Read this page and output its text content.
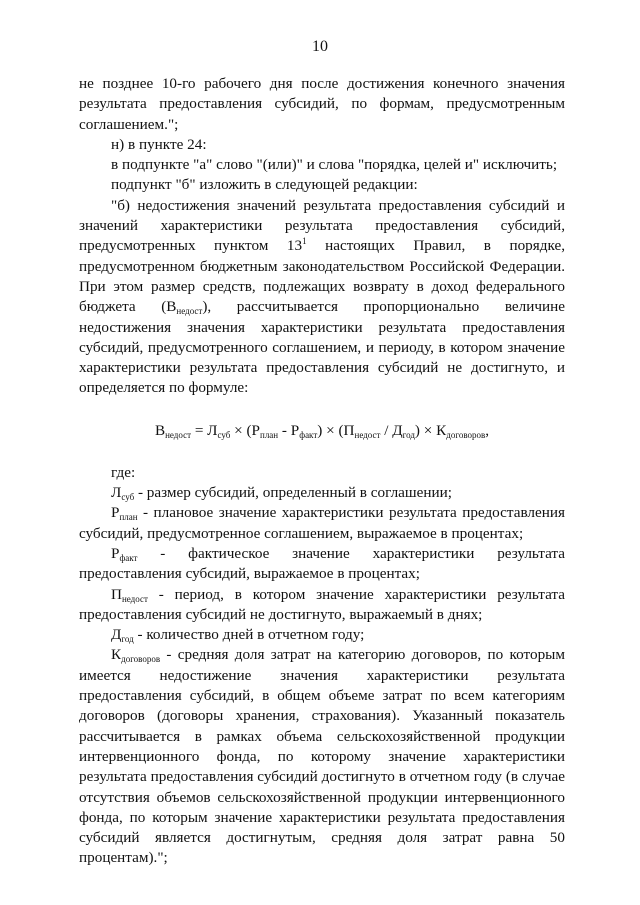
10

не позднее 10-го рабочего дня после достижения конечного значения результата предоставления субсидий, по формам, предусмотренным соглашением.";

н) в пункте 24:

в подпункте "а" слово "(или)" и слова "порядка, целей и" исключить;

подпункт "б" изложить в следующей редакции:

"б) недостижения значений результата предоставления субсидий и значений характеристики результата предоставления субсидий, предусмотренных пунктом $13^1$ настоящих Правил, в порядке, предусмотренном бюджетным законодательством Российской Федерации. При этом размер средств, подлежащих возврату в доход федерального бюджета $(В_{недост})$, рассчитывается пропорционально величине недостижения значения характеристики результата предоставления субсидий, предусмотренного соглашением, и периоду, в котором значение характеристики результата предоставления субсидий не достигнуто, и определяется по формуле:

$В_{недост} = Л_{суб} \times (Р_{план} - Р_{факт}) \times (П_{недост} / Д_{год}) \times К_{договоров}$,

где:

$Л_{суб}$ - размер субсидий, определенный в соглашении;

$Р_{план}$ - плановое значение характеристики результата предоставления субсидий, предусмотренное соглашением, выражаемое в процентах;

$Р_{факт}$ - фактическое значение характеристики результата предоставления субсидий, выражаемое в процентах;

$П_{недост}$ - период, в котором значение характеристики результата предоставления субсидий не достигнуто, выражаемый в днях;

$Д_{год}$ - количество дней в отчетном году;

$К_{договоров}$ - средняя доля затрат на категорию договоров, по которым имеется недостижение значения характеристики результата предоставления субсидий, в общем объеме затрат по всем категориям договоров (договоры хранения, страхования). Указанный показатель рассчитывается в рамках объема сельскохозяйственной продукции интервенционного фонда, по которому значение характеристики результата предоставления субсидий достигнуто в отчетном году (в случае отсутствия объемов сельскохозяйственной продукции интервенционного фонда, по которым значение характеристики результата предоставления субсидий является достигнутым, средняя доля затрат равна 50 процентам).";
